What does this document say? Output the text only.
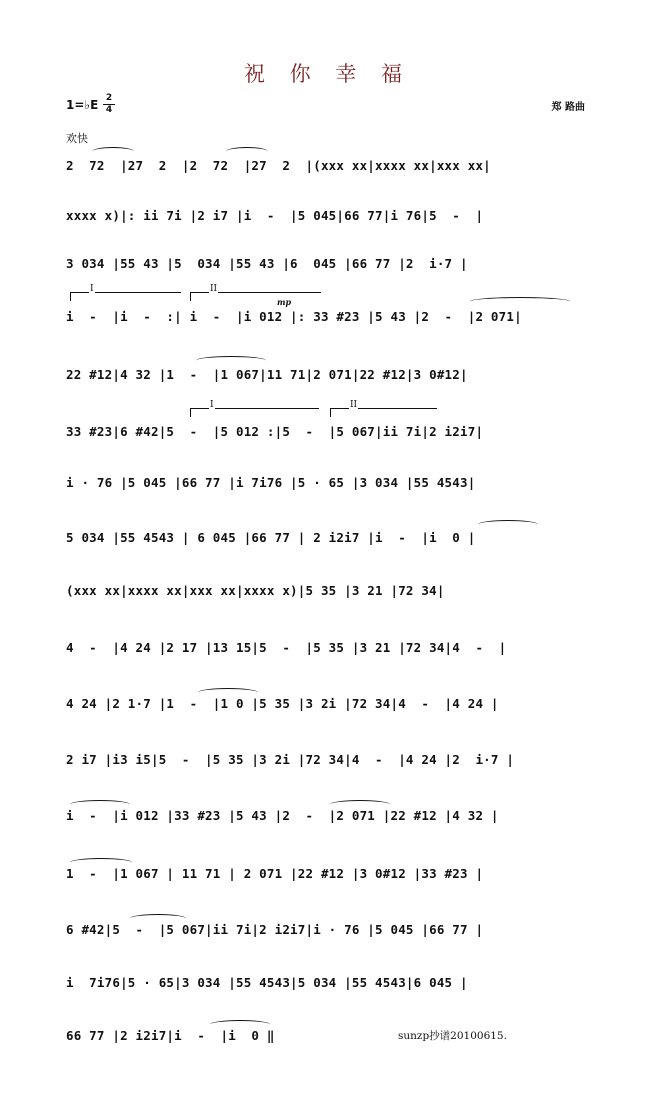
祝 你 幸 福
1=♭E 2
4	郑 路曲
欢快
2  72  |27  2  |2  72  |27  2  |(xxx xx|xxxx xx|xxx xx|
xxxx x)|: ii 7i |2 i7 |i  -  |5 045|66 77|i 76|5  -  |
3 034 |55 43 |5  034 |55 43 |6  045 |66 77 |2  i·7 |
I	II
mp
i  -  |i  -  :| i  -  |i 012 |: 33 #23 |5 43 |2  -  |2 071|
22 #12|4 32 |1  -  |1 067|11 71|2 071|22 #12|3 0#12|
I	II
33 #23|6 #42|5  -  |5 012 :|5  -  |5 067|ii 7i|2 i2i7|
i · 76 |5 045 |66 77 |i 7i76 |5 · 65 |3 034 |55 4543|
5 034 |55 4543 | 6 045 |66 77 | 2 i2i7 |i  -  |i  0 |
(xxx xx|xxxx xx|xxx xx|xxxx x)|5 35 |3 21 |72 34|
4  -  |4 24 |2 17 |13 15|5  -  |5 35 |3 21 |72 34|4  -  |
4 24 |2 1·7 |1  -  |1 0 |5 35 |3 2i |72 34|4  -  |4 24 |
2 i7 |i3 i5|5  -  |5 35 |3 2i |72 34|4  -  |4 24 |2  i·7 |
i  -  |i 012 |33 #23 |5 43 |2  -  |2 071 |22 #12 |4 32 |
1  -  |1 067 | 11 71 | 2 071 |22 #12 |3 0#12 |33 #23 |
6 #42|5  -  |5 067|ii 7i|2 i2i7|i · 76 |5 045 |66 77 |
i  7i76|5 · 65|3 034 |55 4543|5 034 |55 4543|6 045 |
66 77 |2 i2i7|i  -  |i  0 ‖	sunzp抄谱20100615.
